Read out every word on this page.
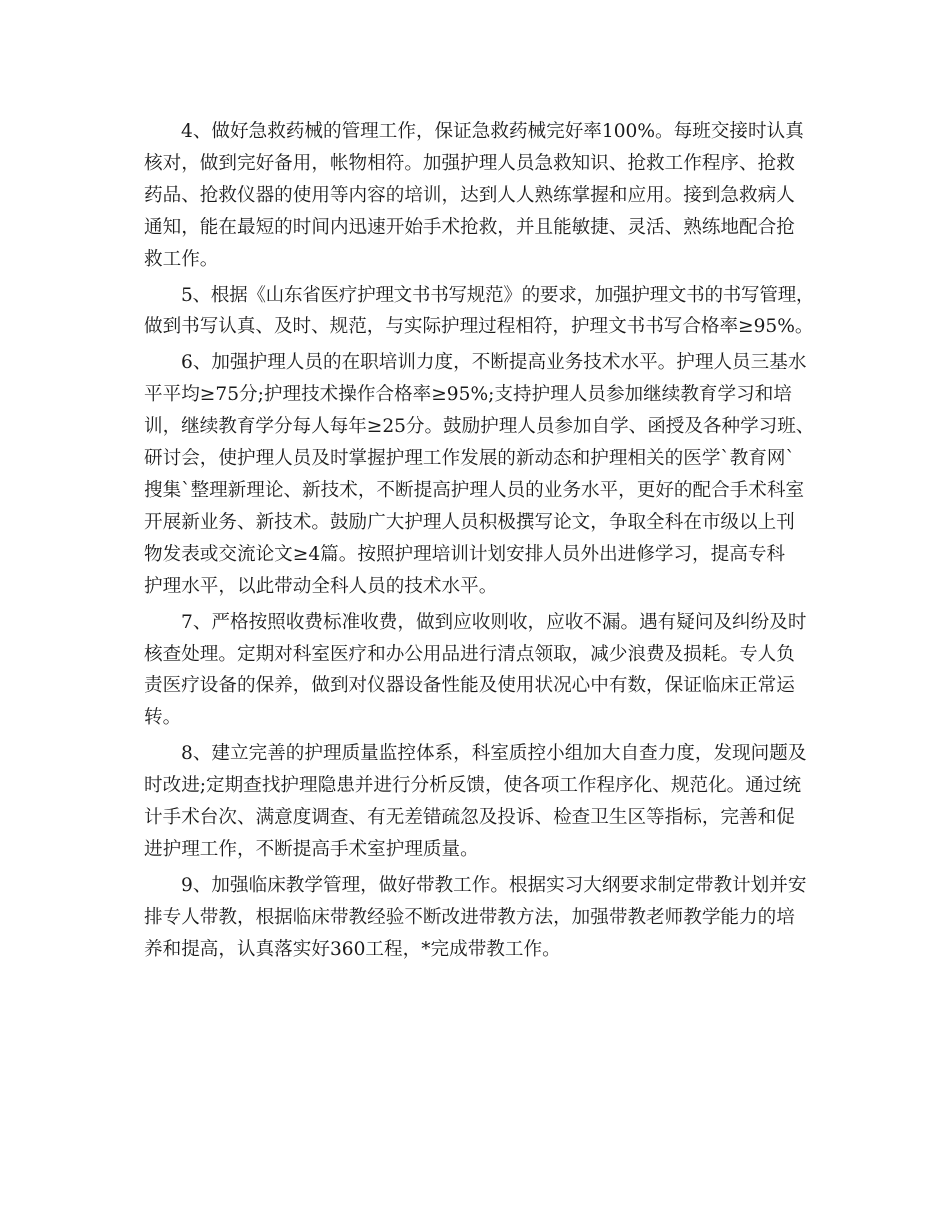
4、做好急救药械的管理工作，保证急救药械完好率100%。每班交接时认真
核对，做到完好备用，帐物相符。加强护理人员急救知识、抢救工作程序、抢救
药品、抢救仪器的使用等内容的培训，达到人人熟练掌握和应用。接到急救病人
通知，能在最短的时间内迅速开始手术抢救，并且能敏捷、灵活、熟练地配合抢
救工作。

5、根据《山东省医疗护理文书书写规范》的要求，加强护理文书的书写管理，
做到书写认真、及时、规范，与实际护理过程相符，护理文书书写合格率≥95%。

6、加强护理人员的在职培训力度，不断提高业务技术水平。护理人员三基水
平平均≥75分;护理技术操作合格率≥95%;支持护理人员参加继续教育学习和培
训，继续教育学分每人每年≥25分。鼓励护理人员参加自学、函授及各种学习班、
研讨会，使护理人员及时掌握护理工作发展的新动态和护理相关的医学`教育网`
搜集`整理新理论、新技术，不断提高护理人员的业务水平，更好的配合手术科室
开展新业务、新技术。鼓励广大护理人员积极撰写论文，争取全科在市级以上刊
物发表或交流论文≥4篇。按照护理培训计划安排人员外出进修学习，提高专科
护理水平，以此带动全科人员的技术水平。

7、严格按照收费标准收费，做到应收则收，应收不漏。遇有疑问及纠纷及时
核查处理。定期对科室医疗和办公用品进行清点领取，减少浪费及损耗。专人负
责医疗设备的保养，做到对仪器设备性能及使用状况心中有数，保证临床正常运
转。

8、建立完善的护理质量监控体系，科室质控小组加大自查力度，发现问题及
时改进;定期查找护理隐患并进行分析反馈，使各项工作程序化、规范化。通过统
计手术台次、满意度调查、有无差错疏忽及投诉、检查卫生区等指标，完善和促
进护理工作，不断提高手术室护理质量。

9、加强临床教学管理，做好带教工作。根据实习大纲要求制定带教计划并安
排专人带教，根据临床带教经验不断改进带教方法，加强带教老师教学能力的培
养和提高，认真落实好360工程，*完成带教工作。
